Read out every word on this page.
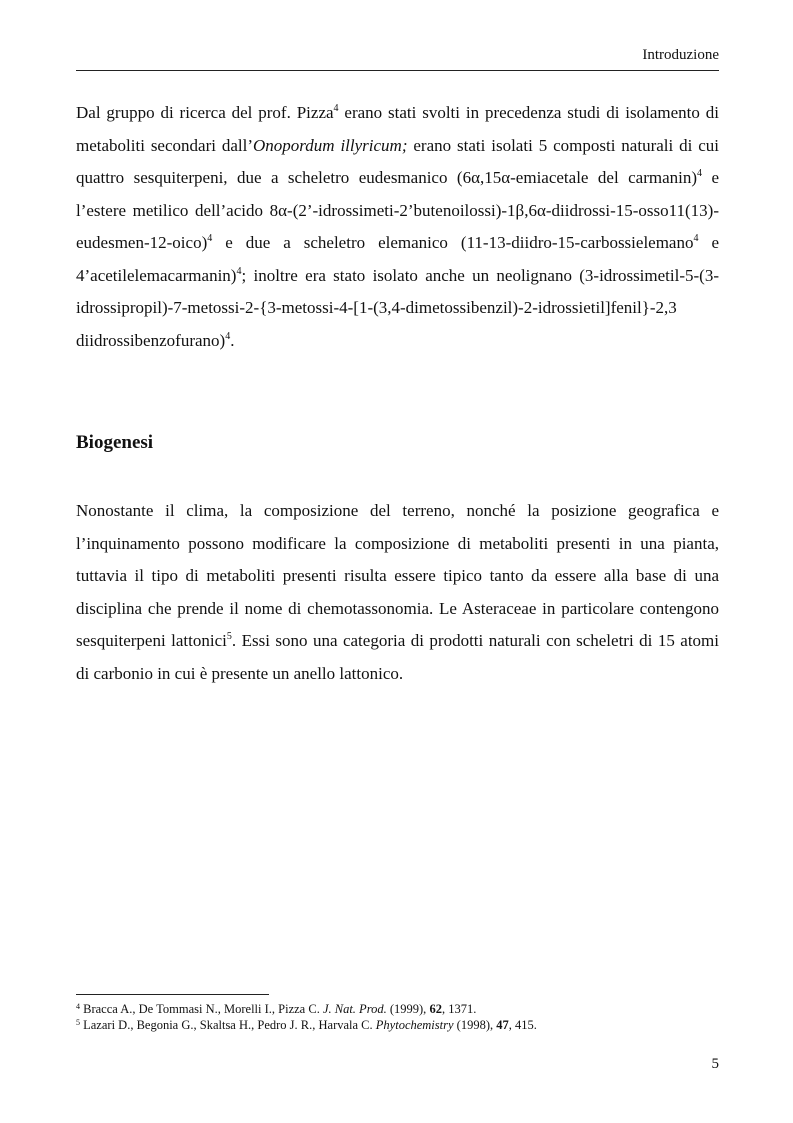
Introduzione

Dal gruppo di ricerca del prof. Pizza$^4$ erano stati svolti in precedenza studi di isolamento di metaboliti secondari dall’Onopordum illyricum; erano stati isolati 5 composti naturali di cui quattro sesquiterpeni, due a scheletro eudesmanico (6α,15α-emiacetale del carmanin)$^4$ e l’estere metilico dell’acido 8α-(2’-idrossimeti-2’butenoilossi)-1β,6α-diidrossi-15-osso11(13)-eudesmen-12-oico)$^4$ e due a scheletro elemanico (11-13-diidro-15-carbossielemano$^4$ e 4’acetilelemacarmanin)$^4$; inoltre era stato isolato anche un neolignano (3-idrossimetil-5-(3-idrossipropil)-7-metossi-2-{3-metossi-4-[1-(3,4-dimetossibenzil)-2-idrossietil]fenil}-2,3 diidrossibenzofurano)$^4$.

Biogenesi

Nonostante il clima, la composizione del terreno, nonché la posizione geografica e l’inquinamento possono modificare la composizione di metaboliti presenti in una pianta, tuttavia il tipo di metaboliti presenti risulta essere tipico tanto da essere alla base di una disciplina che prende il nome di chemotassonomia. Le Asteraceae in particolare contengono sesquiterpeni lattonici$^5$. Essi sono una categoria di prodotti naturali con scheletri di 15 atomi di carbonio in cui è presente un anello lattonico.

$^4$ Bracca A., De Tommasi N., Morelli I., Pizza C. J. Nat. Prod. (1999), 62, 1371.
$^5$ Lazari D., Begonia G., Skaltsa H., Pedro J. R., Harvala C. Phytochemistry (1998), 47, 415.
5
